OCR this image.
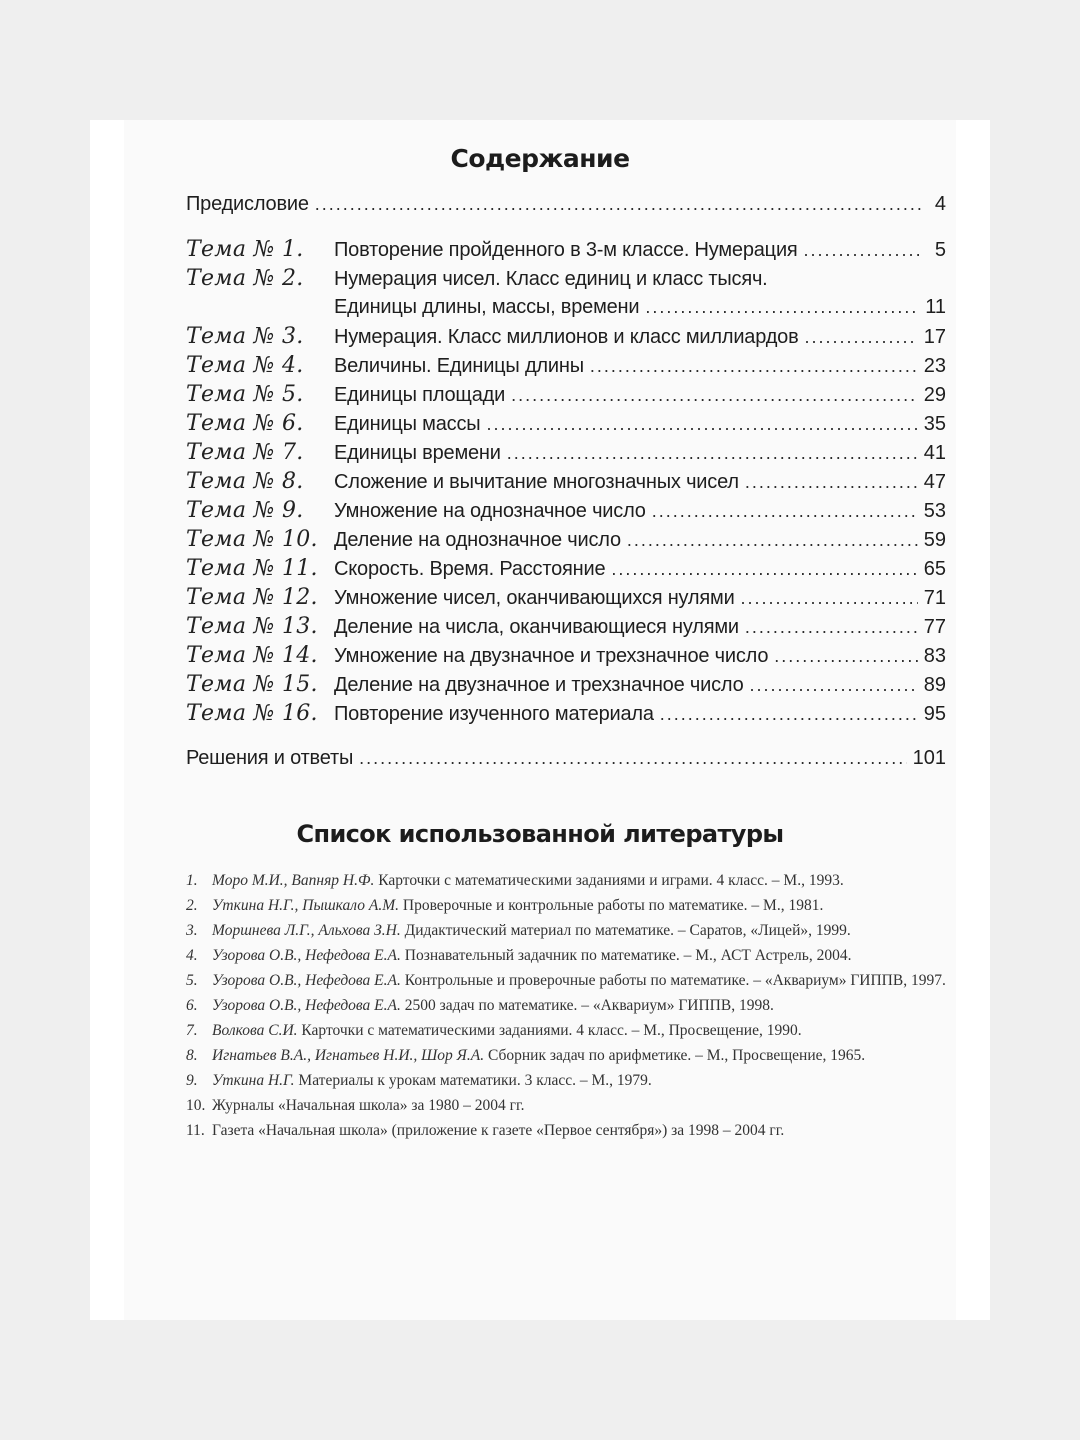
Содержание
Предисловие .....	4
Тема № 1.	Повторение пройденного в 3-м классе. Нумерация .....	5
Тема № 2.	Нумерация чисел. Класс единиц и класс тысяч.
Единицы длины, массы, времени .....	11
Тема № 3.	Нумерация. Класс миллионов и класс миллиардов .....	17
Тема № 4.	Величины. Единицы длины .....	23
Тема № 5.	Единицы площади .....	29
Тема № 6.	Единицы массы .....	35
Тема № 7.	Единицы времени .....	41
Тема № 8.	Сложение и вычитание многозначных чисел .....	47
Тема № 9.	Умножение на однозначное число .....	53
Тема № 10. Деление на однозначное число .....	59
Тема № 11. Скорость. Время. Расстояние .....	65
Тема № 12. Умножение чисел, оканчивающихся нулями .....	71
Тема № 13. Деление на числа, оканчивающиеся нулями .....	77
Тема № 14. Умножение на двузначное и трехзначное число .....	83
Тема № 15. Деление на двузначное и трехзначное число .....	89
Тема № 16. Повторение изученного материала .....	95
Решения и ответы .....	101
Список использованной литературы
1. Моро М.И., Вапняр Н.Ф. Карточки с математическими заданиями и играми. 4 класс. – М., 1993.
2. Уткина Н.Г., Пышкало А.М. Проверочные и контрольные работы по математике. – М., 1981.
3. Моршнева Л.Г., Альхова З.Н. Дидактический материал по математике. – Саратов, «Лицей», 1999.
4. Узорова О.В., Нефедова Е.А. Познавательный задачник по математике. – М., АСТ Астрель, 2004.
5. Узорова О.В., Нефедова Е.А. Контрольные и проверочные работы по математике. – «Аквариум» ГИППВ, 1997.
6. Узорова О.В., Нефедова Е.А. 2500 задач по математике. – «Аквариум» ГИППВ, 1998.
7. Волкова С.И. Карточки с математическими заданиями. 4 класс. – М., Просвещение, 1990.
8. Игнатьев В.А., Игнатьев Н.И., Шор Я.А. Сборник задач по арифметике. – М., Просвещение, 1965.
9. Уткина Н.Г. Материалы к урокам математики. 3 класс. – М., 1979.
10. Журналы «Начальная школа» за 1980 – 2004 гг.
11. Газета «Начальная школа» (приложение к газете «Первое сентября») за 1998 – 2004 гг.
